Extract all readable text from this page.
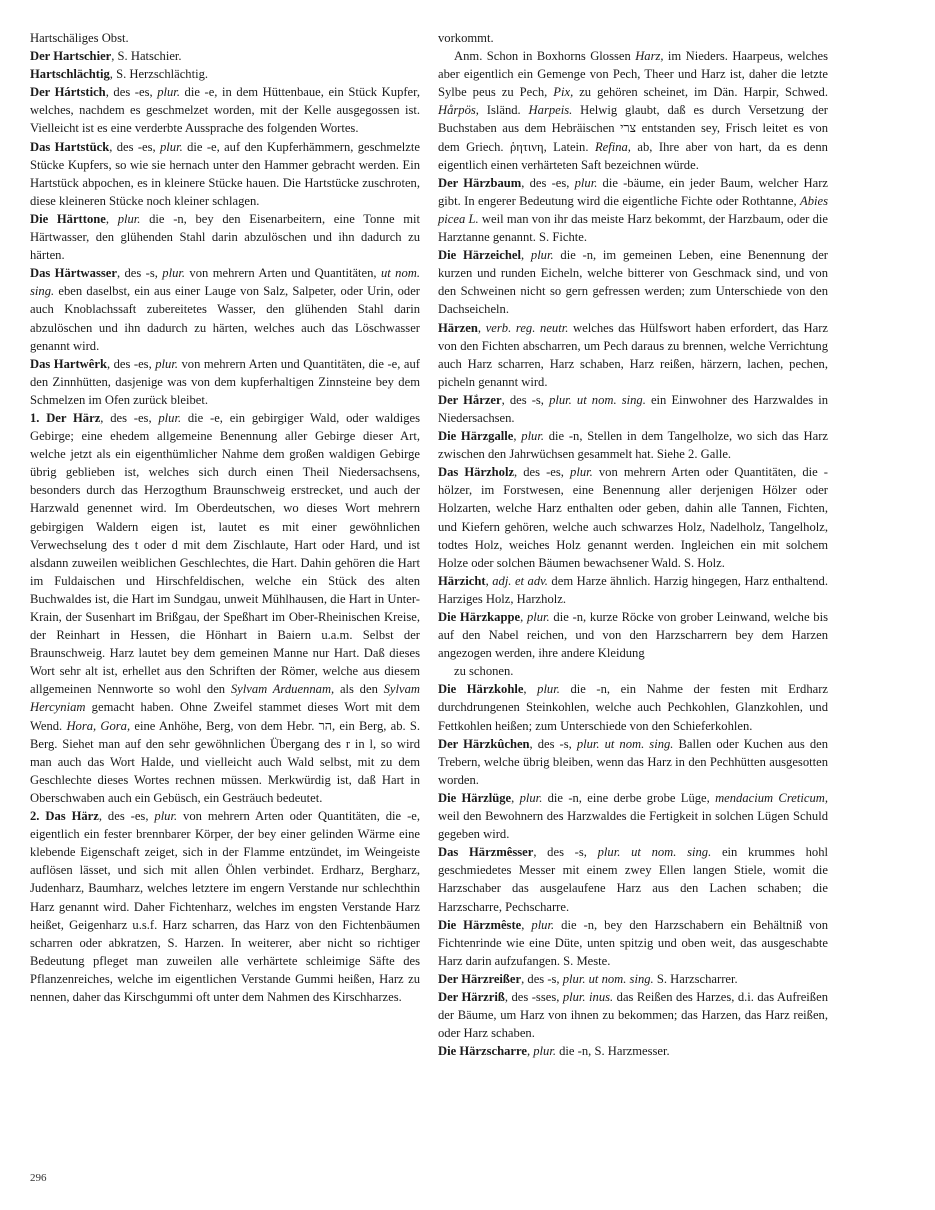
Hartschäliges Obst.

Der Hartschier, S. Hatschier.

Hartschlächtig, S. Herzschlächtig.

Der Hártstich, des -es, plur. die -e, in dem Hüttenbaue, ein Stück Kupfer, welches, nachdem es geschmelzet worden, mit der Kelle ausgegossen ist. Vielleicht ist es eine verderbte Aussprache des folgenden Wortes.

Das Hartstück, des -es, plur. die -e, auf den Kupferhämmern, geschmelzte Stücke Kupfers, so wie sie hernach unter den Hammer gebracht werden. Ein Hartstück abpochen, es in kleinere Stücke hauen. Die Hartstücke zuschroten, diese kleineren Stücke noch kleiner schlagen.

Die Härttone, plur. die -n, bey den Eisenarbeitern, eine Tonne mit Härtwasser, den glühenden Stahl darin abzulöschen und ihn dadurch zu härten.

Das Härtwasser, des -s, plur. von mehrern Arten und Quantitäten, ut nom. sing. eben daselbst, ein aus einer Lauge von Salz, Salpeter, oder Urin, oder auch Knoblachssaft zubereitetes Wasser, den glühenden Stahl darin abzulöschen und ihn dadurch zu härten, welches auch das Löschwasser genannt wird.

Das Hartwêrk, des -es, plur. von mehrern Arten und Quantitäten, die -e, auf den Zinnhütten, dasjenige was von dem kupferhaltigen Zinnsteine bey dem Schmelzen im Ofen zurück bleibet.

1. Der Härz, des -es, plur. die -e, ein gebirgiger Wald, oder waldiges Gebirge; eine ehedem allgemeine Benennung aller Gebirge dieser Art, welche jetzt als ein eigenthümlicher Nahme dem großen waldigen Gebirge übrig geblieben ist, welches sich durch einen Theil Niedersachsens, besonders durch das Herzogthum Braunschweig erstrecket, und auch der Harzwald genennet wird. Im Oberdeutschen, wo dieses Wort mehrern gebirgigen Waldern eigen ist, lautet es mit einer gewöhnlichen Verwechselung des t oder d mit dem Zischlaute, Hart oder Hard, und ist alsdann zuweilen weiblichen Geschlechtes, die Hart. Dahin gehören die Hart im Fuldaischen und Hirschfeldischen, welche ein Stück des alten Buchwaldes ist, die Hart im Sundgau, unweit Mühlhausen, die Hart in Unter-Krain, der Susenhart im Brißgau, der Speßhart im Ober-Rheinischen Kreise, der Reinhart in Hessen, die Hönhart in Baiern u.a.m. Selbst der Braunschweig. Harz lautet bey dem gemeinen Manne nur Hart. Daß dieses Wort sehr alt ist, erhellet aus den Schriften der Römer, welche aus diesem allgemeinen Nennworte so wohl den Sylvam Arduennam, als den Sylvam Hercyniam gemacht haben. Ohne Zweifel stammet dieses Wort mit dem Wend. Hora, Gora, eine Anhöhe, Berg, von dem Hebr. הר, ein Berg, ab. S. Berg. Siehet man auf den sehr gewöhnlichen Übergang des r in l, so wird man auch das Wort Halde, und vielleicht auch Wald selbst, mit zu dem Geschlechte dieses Wortes rechnen müssen. Merkwürdig ist, daß Hart in Oberschwaben auch ein Gebüsch, ein Gesträuch bedeutet.

2. Das Härz, des -es, plur. von mehrern Arten oder Quantitäten, die -e, eigentlich ein fester brennbarer Körper, der bey einer gelinden Wärme eine klebende Eigenschaft zeiget, sich in der Flamme entzündet, im Weingeiste auflösen lässet, und sich mit allen Öhlen verbindet. Erdharz, Bergharz, Judenharz, Baumharz, welches letztere im engern Verstande nur schlechthin Harz genannt wird. Daher Fichtenharz, welches im engsten Verstande Harz heißet, Geigenharz u.s.f. Harz scharren, das Harz von den Fichtenbäumen scharren oder abkratzen, S. Harzen. In weiterer, aber nicht so richtiger Bedeutung pfleget man zuweilen alle verhärtete schleimige Säfte des Pflanzenreiches, welche im eigentlichen Verstande Gummi heißen, Harz zu nennen, daher das Kirschgummi oft unter dem Nahmen des Kirschharzes.

vorkommt.

Anm. Schon in Boxhorns Glossen Harz, im Nieders. Haarpeus, welches aber eigentlich ein Gemenge von Pech, Theer und Harz ist, daher die letzte Sylbe peus zu Pech, Pix, zu gehören scheinet, im Dän. Harpir, Schwed. Hårpös, Isländ. Harpeis. Helwig glaubt, daß es durch Versetzung der Buchstaben aus dem Hebräischen צרי entstanden sey, Frisch leitet es von dem Griech. ῥητινη, Latein. Refina, ab, Ihre aber von hart, da es denn eigentlich einen verhärteten Saft bezeichnen würde.

Der Härzbaum, des -es, plur. die -bäume, ein jeder Baum, welcher Harz gibt. In engerer Bedeutung wird die eigentliche Fichte oder Rothtanne, Abies picea L. weil man von ihr das meiste Harz bekommt, der Harzbaum, oder die Harztanne genannt. S. Fichte.

Die Härzeichel, plur. die -n, im gemeinen Leben, eine Benennung der kurzen und runden Eicheln, welche bitterer von Geschmack sind, und von den Schweinen nicht so gern gefressen werden; zum Unterschiede von den Dachseicheln.

Härzen, verb. reg. neutr. welches das Hülfswort haben erfordert, das Harz von den Fichten abscharren, um Pech daraus zu brennen, welche Verrichtung auch Harz scharren, Harz schaben, Harz reißen, härzern, lachen, pechen, picheln genannt wird.

Der Hắrzer, des -s, plur. ut nom. sing. ein Einwohner des Harzwaldes in Niedersachsen.

Die Härzgalle, plur. die -n, Stellen in dem Tangelholze, wo sich das Harz zwischen den Jahrwüchsen gesammelt hat. Siehe 2. Galle.

Das Härzholz, des -es, plur. von mehrern Arten oder Quantitäten, die -hölzer, im Forstwesen, eine Benennung aller derjenigen Hölzer oder Holzarten, welche Harz enthalten oder geben, dahin alle Tannen, Fichten, und Kiefern gehören, welche auch schwarzes Holz, Nadelholz, Tangelholz, todtes Holz, weiches Holz genannt werden. Ingleichen ein mit solchem Holze oder solchen Bäumen bewachsener Wald. S. Holz.

Härzicht, adj. et adv. dem Harze ähnlich. Harzig hingegen, Harz enthaltend. Harziges Holz, Harzholz.

Die Härzkappe, plur. die -n, kurze Röcke von grober Leinwand, welche bis auf den Nabel reichen, und von den Harzscharrern bey dem Harzen angezogen werden, ihre andere Kleidung

zu schonen.

Die Härzkohle, plur. die -n, ein Nahme der festen mit Erdharz durchdrungenen Steinkohlen, welche auch Pechkohlen, Glanzkohlen, und Fettkohlen heißen; zum Unterschiede von den Schieferkohlen.

Der Härzkûchen, des -s, plur. ut nom. sing. Ballen oder Kuchen aus den Trebern, welche übrig bleiben, wenn das Harz in den Pechhütten ausgesotten worden.

Die Härzlüge, plur. die -n, eine derbe grobe Lüge, mendacium Creticum, weil den Bewohnern des Harzwaldes die Fertigkeit in solchen Lügen Schuld gegeben wird.

Das Härzmêsser, des -s, plur. ut nom. sing. ein krummes hohl geschmiedetes Messer mit einem zwey Ellen langen Stiele, womit die Harzschaber das ausgelaufene Harz aus den Lachen schaben; die Harzscharre, Pechscharre.

Die Härzmêste, plur. die -n, bey den Harzschabern ein Behältniß von Fichtenrinde wie eine Düte, unten spitzig und oben weit, das ausgeschabte Harz darin aufzufangen. S. Meste.

Der Härzreißer, des -s, plur. ut nom. sing. S. Harzscharrer.

Der Härzriß, des -sses, plur. inus. das Reißen des Harzes, d.i. das Aufreißen der Bäume, um Harz von ihnen zu bekommen; das Harzen, das Harz reißen, oder Harz schaben.

Die Härzscharre, plur. die -n, S. Harzmesser.

296
